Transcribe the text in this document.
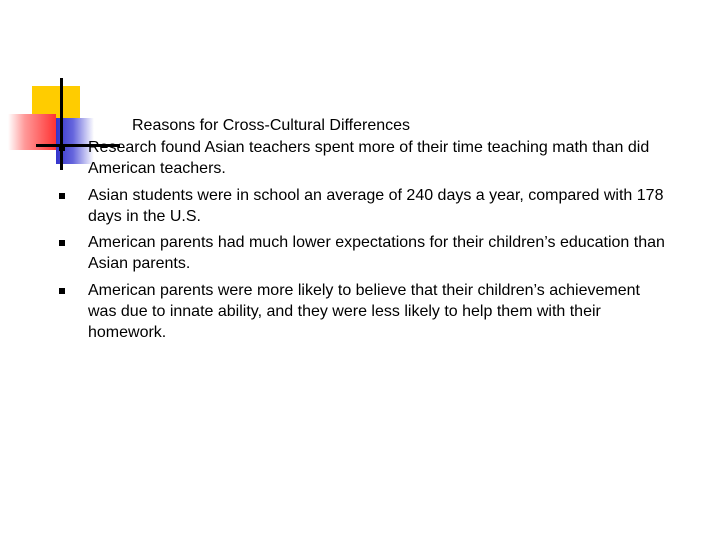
Reasons for Cross-Cultural Differences
Research found Asian teachers spent more of their time teaching math than did American teachers.
Asian students were in school an average of 240 days a year, compared with 178 days in the U.S.
American parents had much lower expectations for their children’s education than Asian parents.
American parents were more likely to believe that their children’s achievement was due to innate ability, and they were less likely to help them with their homework.
